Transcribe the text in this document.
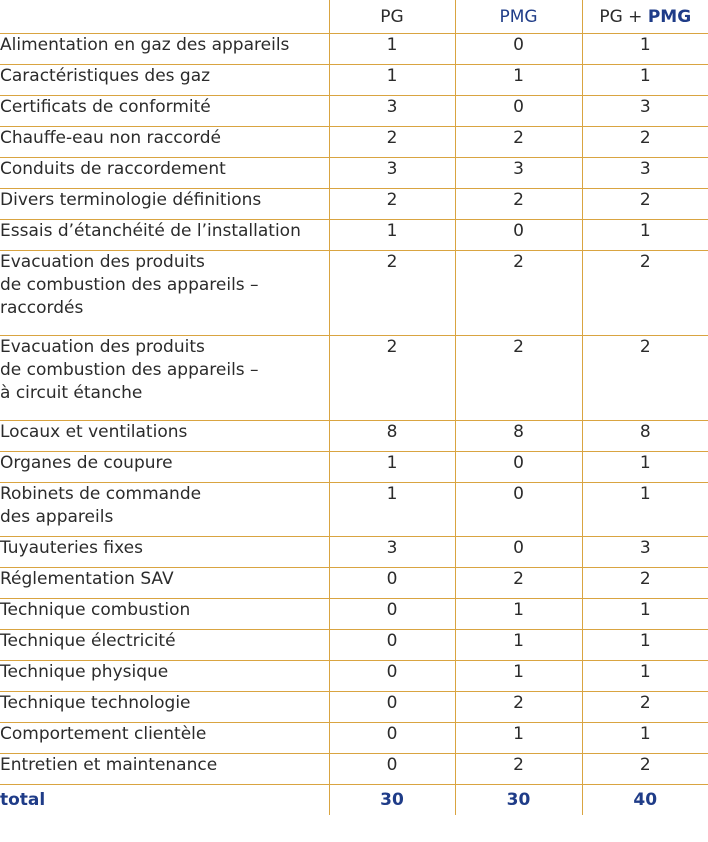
	PG	PMG	PG + PMG

Alimentation en gaz des appareils	1	0	1

Caractéristiques des gaz	1	1	1

Certificats de conformité	3	0	3

Chauffe-eau non raccordé	2	2	2

Conduits de raccordement	3	3	3

Divers terminologie définitions	2	2	2

Essais d’étanchéité de l’installation	1	0	1

Evacuation des produits
de combustion des appareils –
raccordés	2	2	2

Evacuation des produits
de combustion des appareils –
à circuit étanche	2	2	2

Locaux et ventilations	8	8	8

Organes de coupure	1	0	1

Robinets de commande
des appareils	1	0	1

Tuyauteries fixes	3	0	3

Réglementation SAV	0	2	2

Technique combustion	0	1	1

Technique électricité	0	1	1

Technique physique	0	1	1

Technique technologie	0	2	2

Comportement clientèle	0	1	1

Entretien et maintenance	0	2	2
total	30	30	40
